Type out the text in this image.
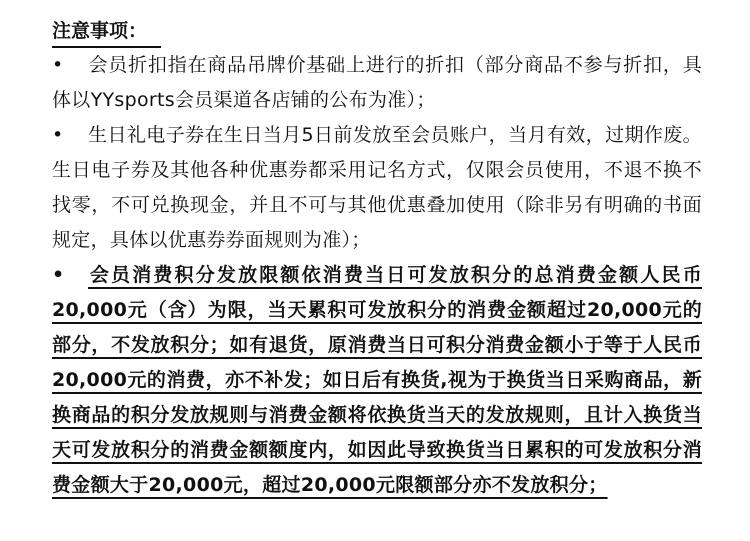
注意事项：

• 会员折扣指在商品吊牌价基础上进行的折扣（部分商品不参与折扣，具体以YYsports会员渠道各店铺的公布为准）；

• 生日礼电子券在生日当月5日前发放至会员账户，当月有效，过期作废。生日电子券及其他各种优惠券都采用记名方式，仅限会员使用，不退不换不找零，不可兑换现金，并且不可与其他优惠叠加使用（除非另有明确的书面规定，具体以优惠券券面规则为准）；

• 会员消费积分发放限额依消费当日可发放积分的总消费金额人民币20,000元（含）为限，当天累积可发放积分的消费金额超过20,000元的部分，不发放积分；如有退货，原消费当日可积分消费金额小于等于人民币20,000元的消费，亦不补发；如日后有换货,视为于换货当日采购商品，新换商品的积分发放规则与消费金额将依换货当天的发放规则，且计入换货当天可发放积分的消费金额额度内，如因此导致换货当日累积的可发放积分消费金额大于20,000元，超过20,000元限额部分亦不发放积分；
